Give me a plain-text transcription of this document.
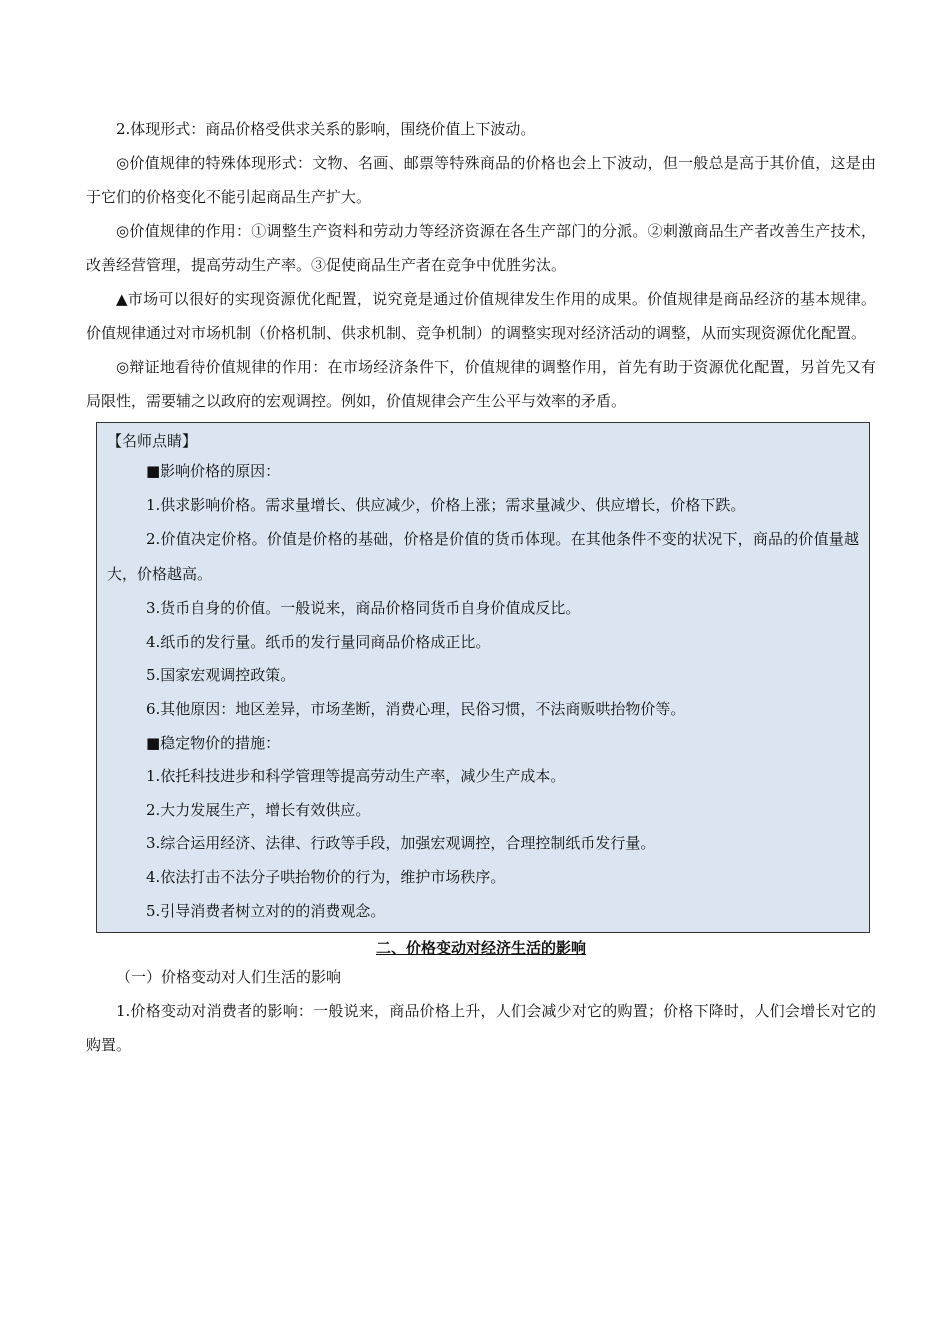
2.体现形式：商品价格受供求关系的影响，围绕价值上下波动。

◎价值规律的特殊体现形式：文物、名画、邮票等特殊商品的价格也会上下波动，但一般总是高于其价值，这是由于它们的价格变化不能引起商品生产扩大。

◎价值规律的作用：①调整生产资料和劳动力等经济资源在各生产部门的分派。②刺激商品生产者改善生产技术，改善经营管理，提高劳动生产率。③促使商品生产者在竞争中优胜劣汰。

▲市场可以很好的实现资源优化配置，说究竟是通过价值规律发生作用的成果。价值规律是商品经济的基本规律。价值规律通过对市场机制（价格机制、供求机制、竞争机制）的调整实现对经济活动的调整，从而实现资源优化配置。

◎辩证地看待价值规律的作用：在市场经济条件下，价值规律的调整作用，首先有助于资源优化配置，另首先又有局限性，需要辅之以政府的宏观调控。例如，价值规律会产生公平与效率的矛盾。

【名师点睛】

■影响价格的原因：

1.供求影响价格。需求量增长、供应减少，价格上涨；需求量减少、供应增长，价格下跌。

2.价值决定价格。价值是价格的基础，价格是价值的货币体现。在其他条件不变的状况下，商品的价值量越大，价格越高。

3.货币自身的价值。一般说来，商品价格同货币自身价值成反比。

4.纸币的发行量。纸币的发行量同商品价格成正比。

5.国家宏观调控政策。

6.其他原因：地区差异，市场垄断，消费心理，民俗习惯，不法商贩哄抬物价等。

■稳定物价的措施：

1.依托科技进步和科学管理等提高劳动生产率，减少生产成本。

2.大力发展生产，增长有效供应。

3.综合运用经济、法律、行政等手段，加强宏观调控，合理控制纸币发行量。

4.依法打击不法分子哄抬物价的行为，维护市场秩序。

5.引导消费者树立对的的消费观念。

二、价格变动对经济生活的影响

（一）价格变动对人们生活的影响

1.价格变动对消费者的影响：一般说来，商品价格上升，人们会减少对它的购置；价格下降时，人们会增长对它的购置。
